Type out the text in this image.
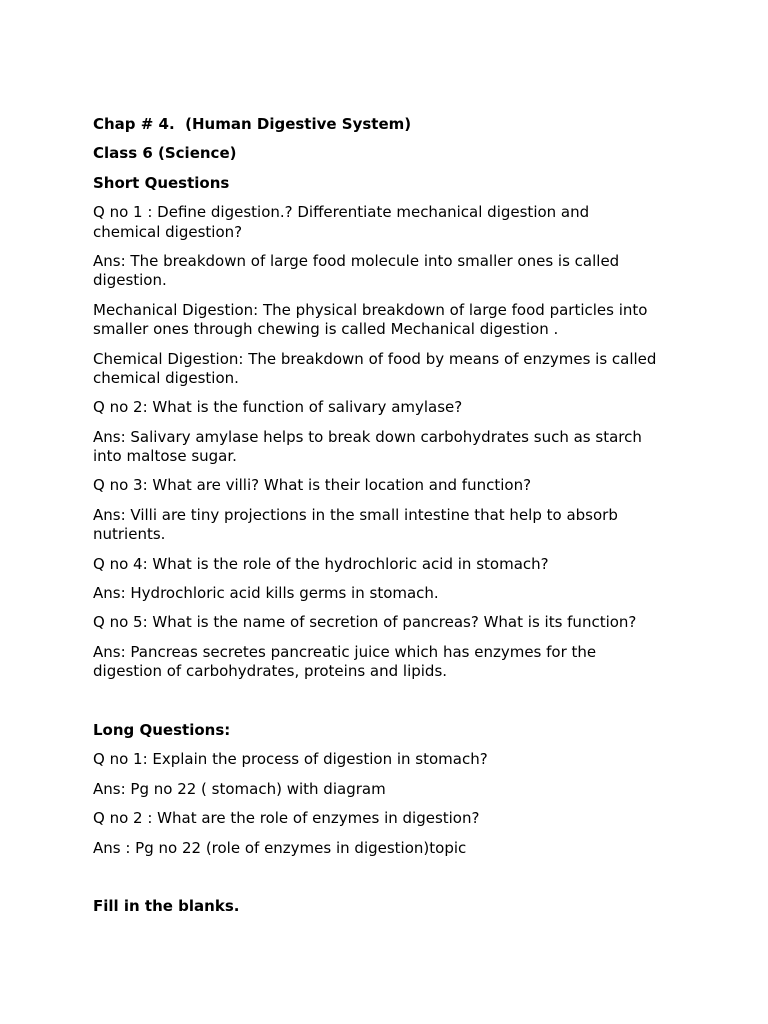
Chap # 4.  (Human Digestive System)
Class 6 (Science)
Short Questions
Q no 1 : Define digestion.? Differentiate mechanical digestion and
chemical digestion?
Ans: The breakdown of large food molecule into smaller ones is called
digestion.
Mechanical Digestion: The physical breakdown of large food particles into
smaller ones through chewing is called Mechanical digestion .
Chemical Digestion: The breakdown of food by means of enzymes is called
chemical digestion.
Q no 2: What is the function of salivary amylase?
Ans: Salivary amylase helps to break down carbohydrates such as starch
into maltose sugar.
Q no 3: What are villi? What is their location and function?
Ans: Villi are tiny projections in the small intestine that help to absorb
nutrients.
Q no 4: What is the role of the hydrochloric acid in stomach?
Ans: Hydrochloric acid kills germs in stomach.
Q no 5: What is the name of secretion of pancreas? What is its function?
Ans: Pancreas secretes pancreatic juice which has enzymes for the
digestion of carbohydrates, proteins and lipids.
Long Questions:
Q no 1: Explain the process of digestion in stomach?
Ans: Pg no 22 ( stomach) with diagram
Q no 2 : What are the role of enzymes in digestion?
Ans : Pg no 22 (role of enzymes in digestion)topic
Fill in the blanks.
